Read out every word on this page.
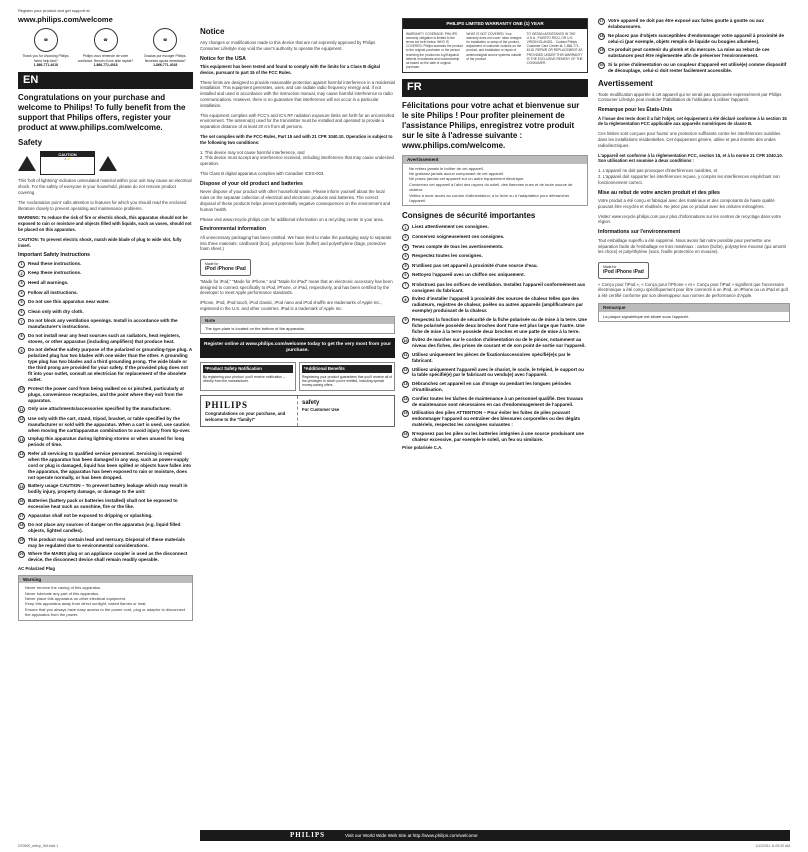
Register your product and get support at
www.philips.com/welcome
☎
Thank you for choosing Philips. Need help fast?
1-866-771-4018
☎
Philips vous remercie de votre confiance. Besoin d'une aide rapide?
1-866-771-4018
☎
Gracias por escoger Philips. Necesita ayuda inmediata?
1-866-771-4018
EN
Congratulations on your purchase and welcome to Philips! To fully benefit from the support that Philips offers, register your product at www.philips.com/welcome.
Safety
CAUTION
⚠ ⚡
This 'bolt of lightning' indicates uninsulated material within your unit may cause an electrical shock. For the safety of everyone in your household, please do not remove product covering.
The 'exclamation point' calls attention to features for which you should read the enclosed literature closely to prevent operating and maintenance problems.
WARNING: To reduce the risk of fire or electric shock, this apparatus should not be exposed to rain or moisture and objects filled with liquids, such as vases, should not be placed on this apparatus.
CAUTION: To prevent electric shock, match wide blade of plug to wide slot, fully insert.
Important Safety Instructions
1	Read these instructions.
2	Keep these instructions.
3	Heed all warnings.
4	Follow all instructions.
5	Do not use this apparatus near water.
6	Clean only with dry cloth.
7	Do not block any ventilation openings. Install in accordance with the manufacturer's instructions.
8	Do not install near any heat sources such as radiators, heat registers, stoves, or other apparatus (including amplifiers) that produce heat.
9	Do not defeat the safety purpose of the polarized or grounding-type plug. A polarized plug has two blades with one wider than the other. A grounding type plug has two blades and a third grounding prong. The wide blade or the third prong are provided for your safety. If the provided plug does not fit into your outlet, consult an electrician for replacement of the obsolete outlet.
10 Protect the power cord from being walked on or pinched, particularly at plugs, convenience receptacles, and the point where they exit from the apparatus.
11 Only use attachments/accessories specified by the manufacturer.
12 Use only with the cart, stand, tripod, bracket, or table specified by the manufacturer or sold with the apparatus. When a cart is used, use caution when moving the cart/apparatus combination to avoid injury from tip-over.
13 Unplug this apparatus during lightning storms or when unused for long periods of time.
14 Refer all servicing to qualified service personnel. Servicing is required when the apparatus has been damaged in any way, such as power-supply cord or plug is damaged, liquid has been spilled or objects have fallen into the apparatus, the apparatus has been exposed to rain or moisture, does not operate normally, or has been dropped.
15 Battery usage CAUTION – To prevent battery leakage which may result in bodily injury, property damage, or damage to the unit:
16 Batteries (battery pack or batteries installed) shall not be exposed to excessive heat such as sunshine, fire or the like.
17 Apparatus shall not be exposed to dripping or splashing.
18 Do not place any sources of danger on the apparatus (e.g. liquid filled objects, lighted candles).
19 This product may contain lead and mercury. Disposal of these materials may be regulated due to environmental considerations.
20 Where the MAINS plug or an appliance coupler is used as the disconnect device, the disconnect device shall remain readily operable.
AC Polarized Plug
Warning
Never remove the casing of this apparatus.
Never lubricate any part of this apparatus.
Never place this apparatus on other electrical equipment.
Keep this apparatus away from direct sunlight, naked flames or heat.
Ensure that you always have easy access to the power cord, plug or adaptor to disconnect the apparatus from the power.
Notice
Any changes or modifications made to this device that are not expressly approved by Philips Consumer Lifestyle may void the user's authority to operate the equipment.
Notice for the USA
This equipment has been tested and found to comply with the limits for a Class B digital device, pursuant to part 15 of the FCC Rules.
These limits are designed to provide reasonable protection against harmful interference in a residential installation. This equipment generates, uses, and can radiate radio frequency energy and, if not installed and used in accordance with the instruction manual, may cause harmful interference to radio communications. However, there is no guarantee that interference will not occur in a particular installation.
This equipment complies with FCC's and IC's RF radiation exposure limits set forth for an uncontrolled environment. The antenna(s) used for the transmitter must be installed and operated to provide a separation distance of at least 20 cm from all persons.
The set complies with the FCC-Rules, Part 15 and with 21 CFR 1040.10. Operation is subject to the following two conditions:
1. This device may not cause harmful interference, and
2. This device must accept any interference received, including interference that may cause undesired operation.
This Class B digital apparatus complies with Canadian ICES-003.
Dispose of your old product and batteries
Never dispose of your product with other household waste. Please inform yourself about the local rules on the separate collection of electrical and electronic products and batteries. The correct disposal of these products helps prevent potentially negative consequences on the environment and human health.
Please visit www.recycle.philips.com for additional information on a recycling center in your area.
Environmental information
All unnecessary packaging has been omitted. We have tried to make the packaging easy to separate into three materials: cardboard (box), polystyrene foam (buffer) and polyethylene (bags, protective foam sheet.)
Made for
iPod iPhone iPad
"Made for iPod," "Made for iPhone," and "Made for iPad" mean that an electronic accessory has been designed to connect specifically to iPod, iPhone, or iPad, respectively, and has been certified by the developer to meet Apple performance standards.
iPhone, iPod, iPod touch, iPod classic, iPod nano and iPod shuffle are trademarks of Apple Inc., registered in the U.S. and other countries. iPad is a trademark of Apple Inc.
Note
The type plate is located on the bottom of the apparatus.
Register online at www.philips.com/welcome today to get the very most from your purchase.
*Product Safety Notification
By registering your product, you'll receive notification – directly from the manufacturer.
*Additional Benefits
Registering your product guarantees that you'll receive all of the privileges to which you're entitled, including special money-saving offers.
PHILIPS
Congratulations on your purchase, and welcome to the "family!"
safety
For Customer Use
PHILIPS LIMITED WARRANTY ONE (1) YEAR
WARRANTY COVERAGE: PHILIPS warranty obligation is limited to the terms set forth below. WHO IS COVERED: Philips warrants the product to the original purchaser or the person receiving the product as a gift against defects in materials and workmanship as based on the date of original purchase.
WHAT IS NOT COVERED: Your warranty does not cover: labor charges for installation or setup of the product, adjustment of customer controls on the product, and installation or repair of antenna/signal source systems outside of the product.
TO OBTAIN ASSISTANCE IN THE U.S.A., PUERTO RICO, OR U.S. VIRGIN ISLANDS... Contact Philips Customer Care Center at: 1-866-771-4018. REPAIR OR REPLACEMENT AS PROVIDED UNDER THIS WARRANTY IS THE EXCLUSIVE REMEDY OF THE CONSUMER.
FR
Félicitations pour votre achat et bienvenue sur le site Philips ! Pour profiter pleinement de l'assistance Philips, enregistrez votre produit sur le site à l'adresse suivante : www.philips.com/welcome.
Avertissement
Ne retirez jamais le boîtier de cet appareil.
Ne graissez jamais aucun composant de cet appareil.
Ne posez jamais cet appareil sur un autre équipement électrique.
Conservez cet appareil à l'abri des rayons du soleil, des flammes nues et de toute source de chaleur.
Veillez à avoir accès au cordon d'alimentation, à la fiche ou à l'adaptateur pour débrancher l'appareil.
Consignes de sécurité importantes
1	Lisez attentivement ces consignes.
2	Conservez soigneusement ces consignes.
3	Tenez compte de tous les avertissements.
4	Respectez toutes les consignes.
5	N'utilisez pas cet appareil à proximité d'une source d'eau.
6	Nettoyez l'appareil avec un chiffon sec uniquement.
7	N'obstruez pas les orifices de ventilation. Installez l'appareil conformément aux consignes du fabricant.
8	Évitez d'installer l'appareil à proximité des sources de chaleur telles que des radiateurs, registres de chaleur, poêles ou autres appareils (amplificateurs par exemple) produisant de la chaleur.
9	Respectez la fonction de sécurité de la fiche polarisée ou de mise à la terre. Une fiche polarisée possède deux broches dont l'une est plus large que l'autre. Une fiche de mise à la terre possède deux broches et une patte de mise à la terre.
10 Évitez de marcher sur le cordon d'alimentation ou de le pincer, notamment au niveau des fiches, des prises de courant et de son point de sortie sur l'appareil.
11 Utilisez uniquement les pièces de fixation/accessoires spécifié(e)s par le fabricant.
12 Utilisez uniquement l'appareil avec le chariot, le socle, le trépied, le support ou la table spécifié(e) par le fabricant ou vendu(e) avec l'appareil.
13 Débranchez cet appareil en cas d'orage ou pendant les longues périodes d'inutilisation.
14 Confiez toutes les tâches de maintenance à un personnel qualifié. Des travaux de maintenance sont nécessaires en cas d'endommagement de l'appareil.
15 Utilisation des piles ATTENTION – Pour éviter les fuites de piles pouvant endommager l'appareil ou entraîner des blessures corporelles ou des dégâts matériels, respectez les consignes suivantes :
16 N'exposez pas les piles ou les batteries intégrées à une source produisant une chaleur excessive, par exemple le soleil, un feu ou similaire.
Prise polarisée C.A.
17 Votre appareil ne doit pas être exposé aux fuites goutte à goutte ou aux éclaboussures.
18 Ne placez pas d'objets susceptibles d'endommager votre appareil à proximité de celui-ci (par exemple, objets remplis de liquide ou bougies allumées).
19 Ce produit peut contenir du plomb et du mercure. La mise au rebut de ces substances peut être réglementée afin de préserver l'environnement.
20 Si la prise d'alimentation ou un coupleur d'appareil est utilisé(e) comme dispositif de découplage, celui-ci doit rester facilement accessible.
Avertissement
Toute modification apportée à cet appareil qui ne serait pas approuvée expressément par Philips Consumer Lifestyle peut invalider l'habilitation de l'utilisateur à utiliser l'appareil.
Remarque pour les États-Unis
À l'issue des tests dont il a fait l'objet, cet équipement a été déclaré conforme à la section 15 de la réglementation FCC applicable aux appareils numériques de classe B.
Ces limites sont conçues pour fournir une protection suffisante contre les interférences nuisibles dans les installations résidentielles. Cet équipement génère, utilise et peut émettre des ondes radioélectriques.
L'appareil est conforme à la réglementation FCC, section 15, et à la norme 21 CFR 1040.10. Son utilisation est soumise à deux conditions :
1. L'appareil ne doit pas provoquer d'interférences nuisibles, et
2. L'appareil doit supporter les interférences reçues, y compris les interférences empêchant son fonctionnement correct.
Mise au rebut de votre ancien produit et des piles
Votre produit a été conçu et fabriqué avec des matériaux et des composants de haute qualité pouvant être recyclés et réutilisés. Ne jetez pas ce produit avec les ordures ménagères.
Visitez www.recycle.philips.com pour plus d'informations sur les centres de recyclage dans votre région.
Informations sur l'environnement
Tout emballage superflu a été supprimé. Nous avons fait notre possible pour permettre une séparation facile de l'emballage en trois matériaux : carton (boîte), polystyrène moussé (qui amortit les chocs) et polyéthylène (sacs, feuille protectrice en mousse).
Made for
iPod iPhone iPad
« Conçu pour l'iPod », « Conçu pour l'iPhone » et « Conçu pour l'iPad » signifient que l'accessoire électronique a été conçu spécifiquement pour être connecté à un iPod, un iPhone ou un iPad et qu'il a été certifié conforme par son développeur aux normes de performance d'Apple.
Remarque
La plaque signalétique est située sous l'appareil.
PHILIPS	Visit our World Wide Web Site at http://www.philips.com/welcome
DS3500_welcp_UM.indd 1	1/12/2011 11:09:32 AM
